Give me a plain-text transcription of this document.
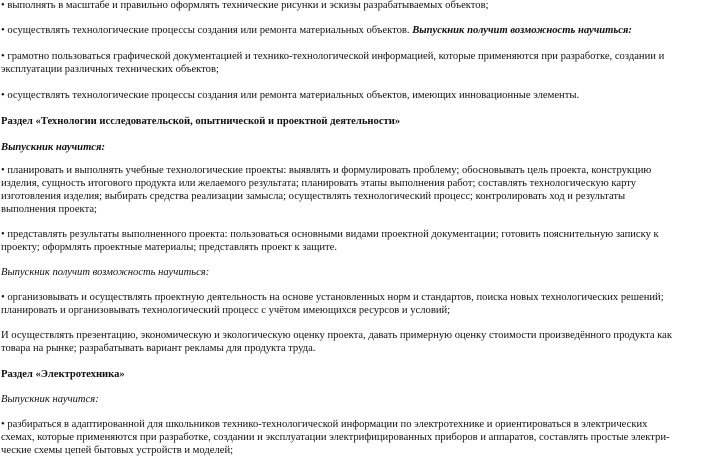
• выполнять в масштабе и правильно оформлять технические рисунки и эскизы разрабатываемых объектов;
• осуществлять технологические процессы создания или ремонта материальных объектов. Выпускник получит возможность научиться:
• грамотно пользоваться графической документацией и технико-технологической информацией, которые применяются при разработке, создании и
эксплуатации различных технических объектов;
• осуществлять технологические процессы создания или ремонта материальных объектов, имеющих инновационные элементы.
Раздел «Технологии исследовательской, опытнической и проектной деятельности»
Выпускник научится:
• планировать и выполнять учебные технологические проекты: выявлять и формулировать проблему; обосновывать цель проекта, конструкцию
изделия, сущность итогового продукта или желаемого результата; планировать этапы выполнения работ; составлять технологическую карту
изготовления изделия; выбирать средства реализации замысла; осуществлять технологический процесс; контролировать ход и результаты
выполнения проекта;
• представлять результаты выполненного проекта: пользоваться основными видами проектной документации; готовить пояснительную записку к
проекту; оформлять проектные материалы; представлять проект к защите.
Выпускник получит возможность научиться:
• организовывать и осуществлять проектную деятельность на основе установленных норм и стандартов, поиска новых технологических решений;
планировать и организовывать технологический процесс с учётом имеющихся ресурсов и условий;
И осуществлять презентацию, экономическую и экологическую оценку проекта, давать примерную оценку стоимости произведённого продукта как
товара на рынке; разрабатывать вариант рекламы для продукта труда.
Раздел «Электротехника»
Выпускник научится:
• разбираться в адаптированной для школьников технико-технологической информации по электротехнике и ориентироваться в электрических
схемах, которые применяются при разработке, создании и эксплуатации электрифицированных приборов и аппаратов, составлять простые электри-
ческие схемы цепей бытовых устройств и моделей;
